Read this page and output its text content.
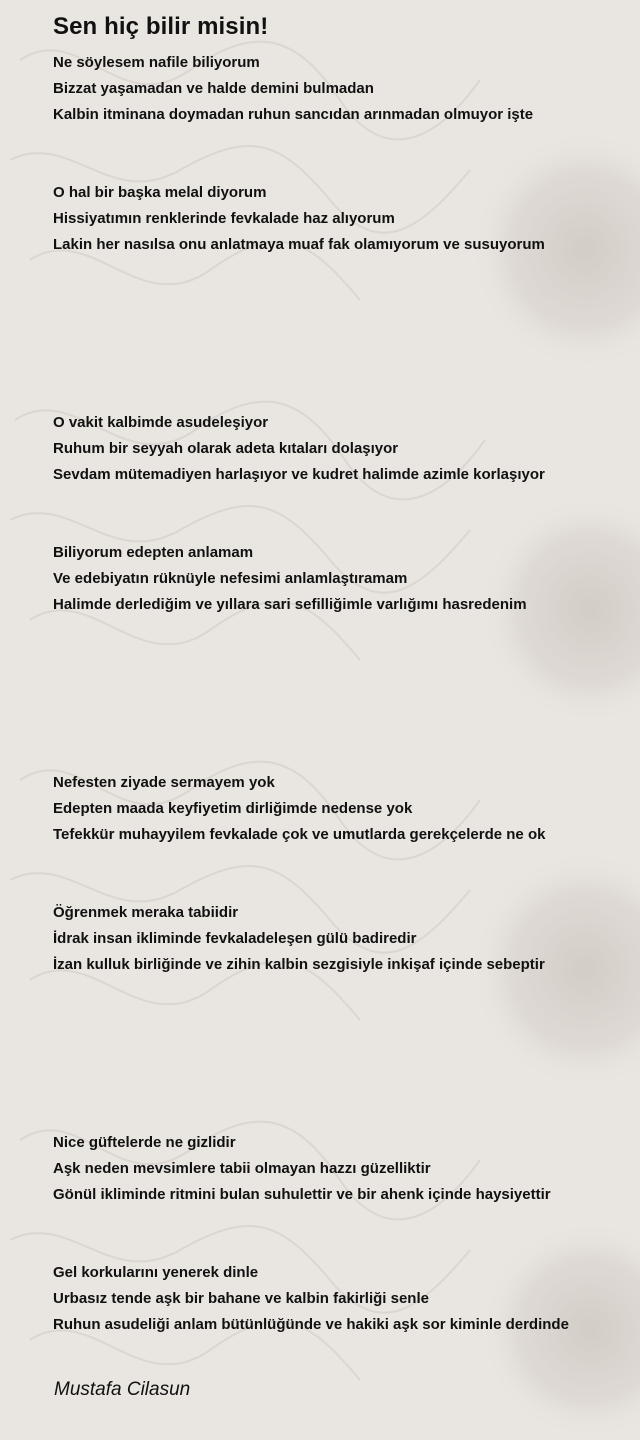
Sen hiç bilir misin!
Ne söylesem nafile biliyorum
Bizzat yaşamadan ve halde demini bulmadan
Kalbin itminana doymadan ruhun sancıdan arınmadan olmuyor işte
O hal bir başka melal diyorum
Hissiyatımın renklerinde fevkalade haz alıyorum
Lakin her nasılsa onu anlatmaya muaf fak olamıyorum ve susuyorum
O vakit kalbimde asudeleşiyor
Ruhum bir seyyah olarak adeta kıtaları dolaşıyor
Sevdam mütemadiyen harlaşıyor ve kudret halimde azimle korlaşıyor
Biliyorum edepten anlamam
Ve edebiyatın rüknüyle nefesimi anlamlaştıramam
Halimde derlediğim ve yıllara sari sefilliğimle varlığımı hasredenim
Nefesten ziyade sermayem yok
Edepten maada keyfiyetim dirliğimde nedense yok
Tefekkür muhayyilem fevkalade çok ve umutlarda gerekçelerde ne ok
Öğrenmek meraka tabiidir
İdrak insan ikliminde fevkaladeleşen gülü badiredir
İzan kulluk birliğinde ve zihin kalbin sezgisiyle inkişaf içinde sebeptir
Nice güftelerde ne gizlidir
Aşk neden mevsimlere tabii olmayan hazzı güzelliktir
Gönül ikliminde ritmini bulan suhulettir ve bir ahenk içinde haysiyettir
Gel korkularını yenerek dinle
Urbasız tende aşk bir bahane ve kalbin fakirliği senle
Ruhun asudeliği anlam bütünlüğünde ve hakiki aşk sor kiminle derdinde
Mustafa Cilasun
